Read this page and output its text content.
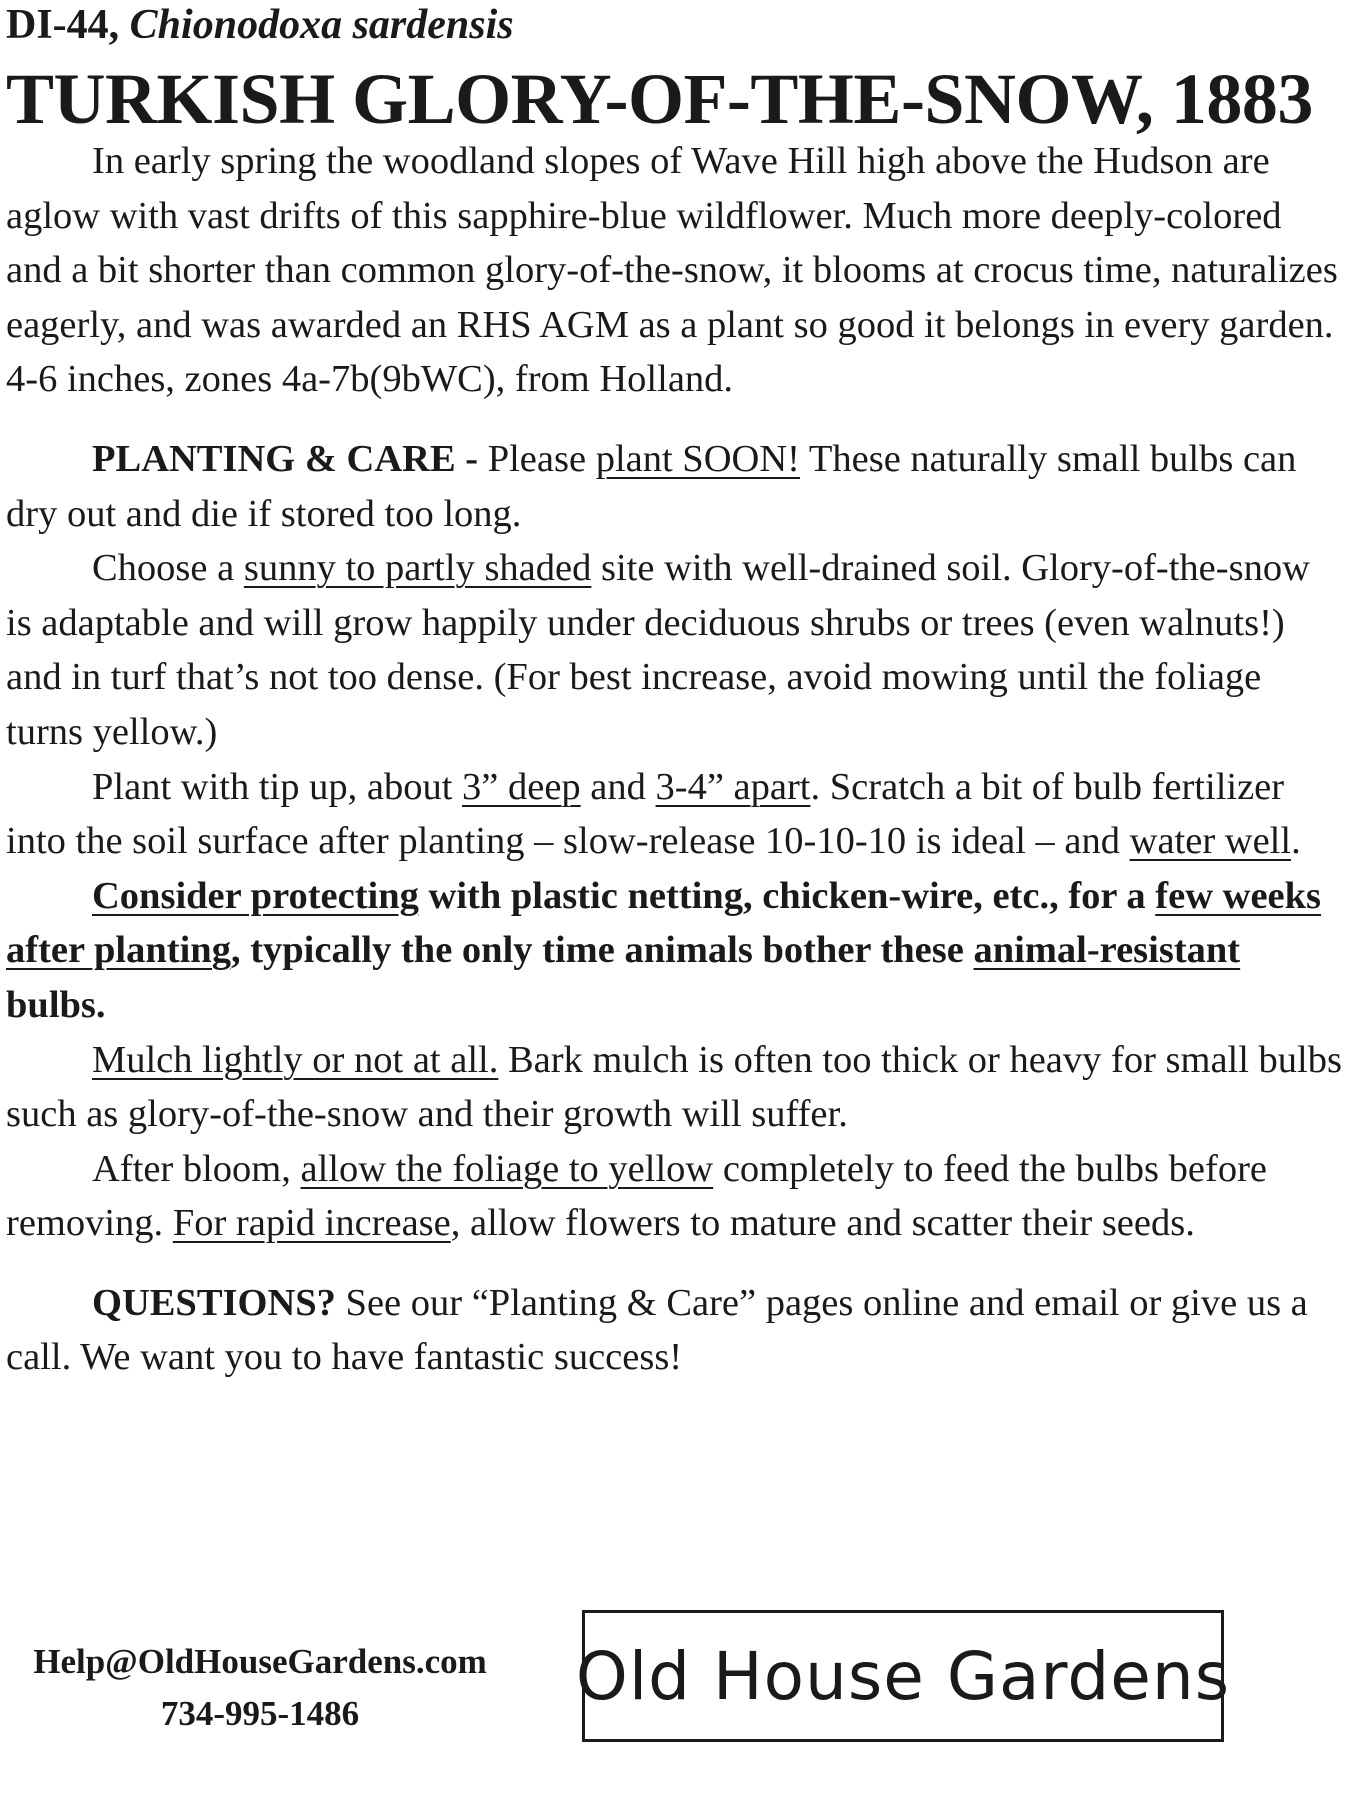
DI-44, Chionodoxa sardensis
TURKISH GLORY-OF-THE-SNOW, 1883

In early spring the woodland slopes of Wave Hill high above the Hudson are aglow with vast drifts of this sapphire-blue wildflower. Much more deeply-colored and a bit shorter than common glory-of-the-snow, it blooms at crocus time, naturalizes eagerly, and was awarded an RHS AGM as a plant so good it belongs in every garden. 4-6 inches, zones 4a-7b(9bWC), from Holland.

PLANTING & CARE - Please plant SOON! These naturally small bulbs can dry out and die if stored too long.

Choose a sunny to partly shaded site with well-drained soil. Glory-of-the-snow is adaptable and will grow happily under deciduous shrubs or trees (even walnuts!) and in turf that’s not too dense. (For best increase, avoid mowing until the foliage turns yellow.)

Plant with tip up, about 3” deep and 3-4” apart. Scratch a bit of bulb fertilizer into the soil surface after planting – slow-release 10-10-10 is ideal – and water well.

Consider protecting with plastic netting, chicken-wire, etc., for a few weeks after planting, typically the only time animals bother these animal-resistant bulbs.

Mulch lightly or not at all. Bark mulch is often too thick or heavy for small bulbs such as glory-of-the-snow and their growth will suffer.

After bloom, allow the foliage to yellow completely to feed the bulbs before removing. For rapid increase, allow flowers to mature and scatter their seeds.

QUESTIONS? See our “Planting & Care” pages online and email or give us a call. We want you to have fantastic success!

Help@OldHouseGardens.com
734-995-1486	Old House Gardens
